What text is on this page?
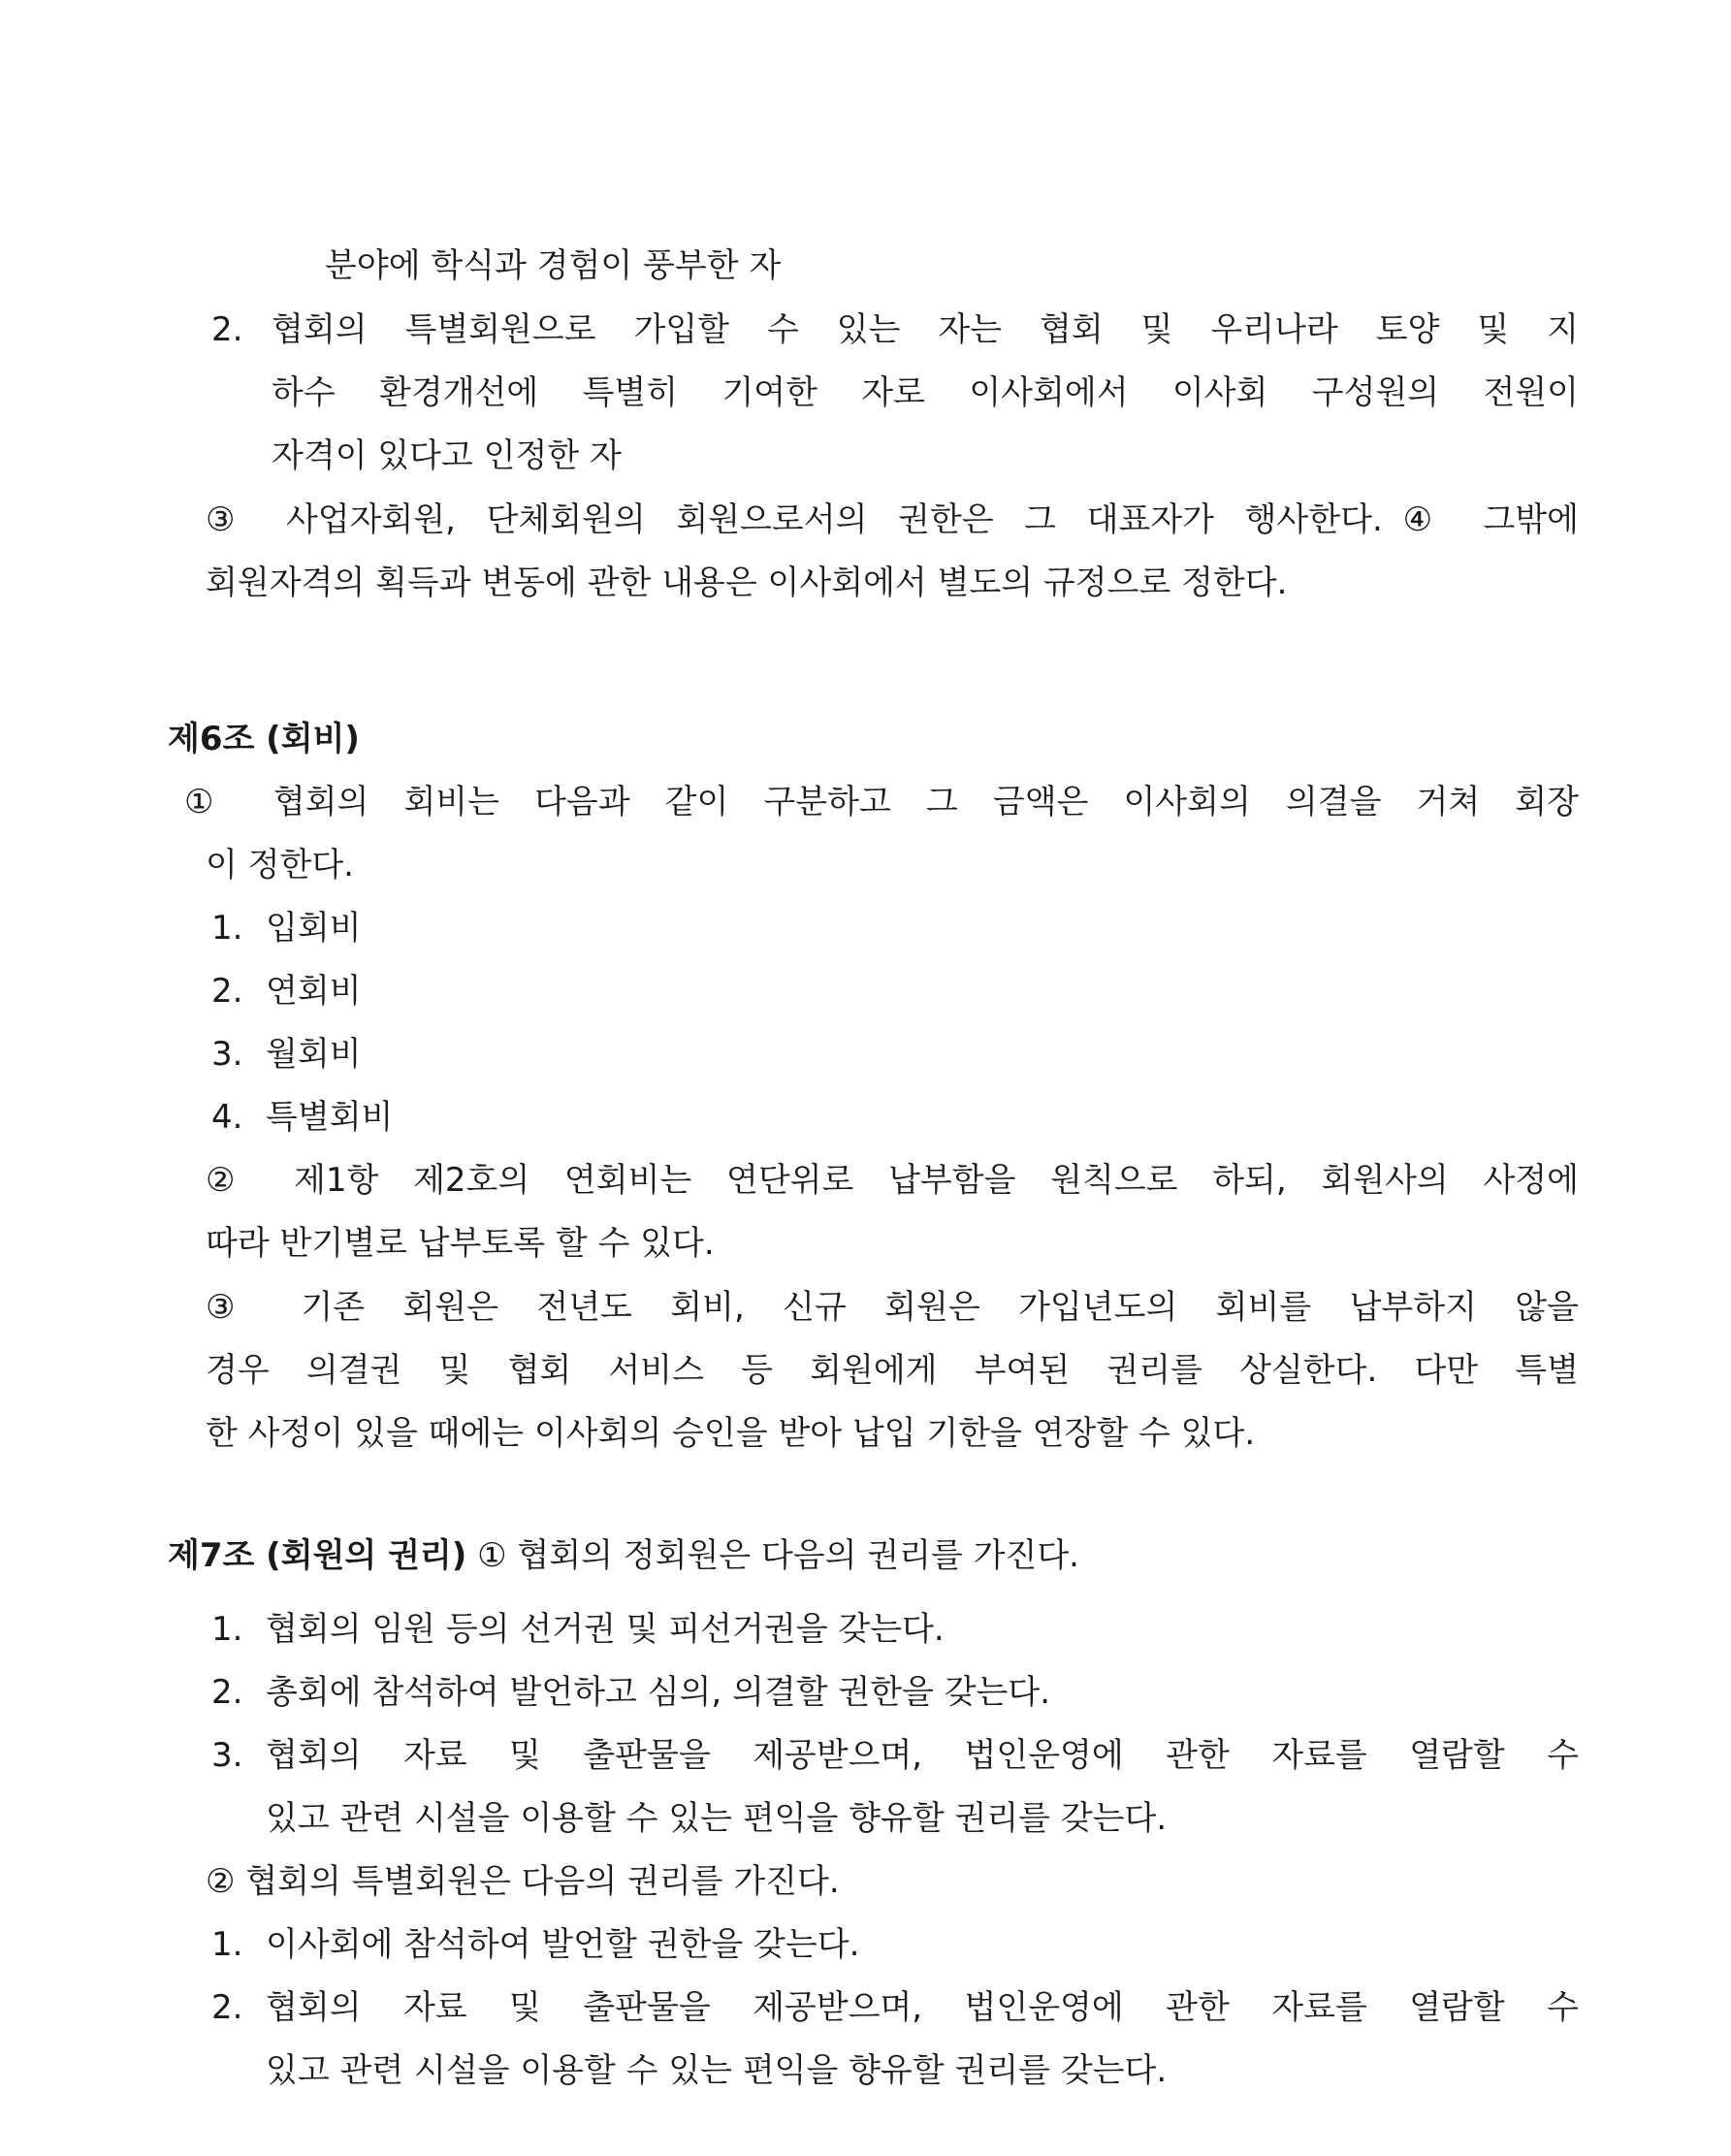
분야에 학식과 경험이 풍부한 자
2. 협회의 특별회원으로 가입할 수 있는 자는 협회 및 우리나라 토양 및 지
하수 환경개선에 특별히 기여한 자로 이사회에서 이사회 구성원의 전원이
자격이 있다고 인정한 자
③ 사업자회원, 단체회원의 회원으로서의 권한은 그 대표자가 행사한다.④ 그밖에
회원자격의 획득과 변동에 관한 내용은 이사회에서 별도의 규정으로 정한다.
제6조 (회비)
① 협회의 회비는 다음과 같이 구분하고 그 금액은 이사회의 의결을 거쳐 회장
이 정한다.
1. 입회비
2. 연회비
3. 월회비
4. 특별회비
② 제1항 제2호의 연회비는 연단위로 납부함을 원칙으로 하되, 회원사의 사정에
따라 반기별로 납부토록 할 수 있다.
③ 기존 회원은 전년도 회비, 신규 회원은 가입년도의 회비를 납부하지 않을
경우 의결권 및 협회 서비스 등 회원에게 부여된 권리를 상실한다. 다만 특별
한 사정이 있을 때에는 이사회의 승인을 받아 납입 기한을 연장할 수 있다.
제7조 (회원의 권리) ① 협회의 정회원은 다음의 권리를 가진다.
1. 협회의 임원 등의 선거권 및 피선거권을 갖는다.
2. 총회에 참석하여 발언하고 심의, 의결할 권한을 갖는다.
3. 협회의 자료 및 출판물을 제공받으며, 법인운영에 관한 자료를 열람할 수
있고 관련 시설을 이용할 수 있는 편익을 향유할 권리를 갖는다.
② 협회의 특별회원은 다음의 권리를 가진다.
1. 이사회에 참석하여 발언할 권한을 갖는다.
2. 협회의 자료 및 출판물을 제공받으며, 법인운영에 관한 자료를 열람할 수
있고 관련 시설을 이용할 수 있는 편익을 향유할 권리를 갖는다.
